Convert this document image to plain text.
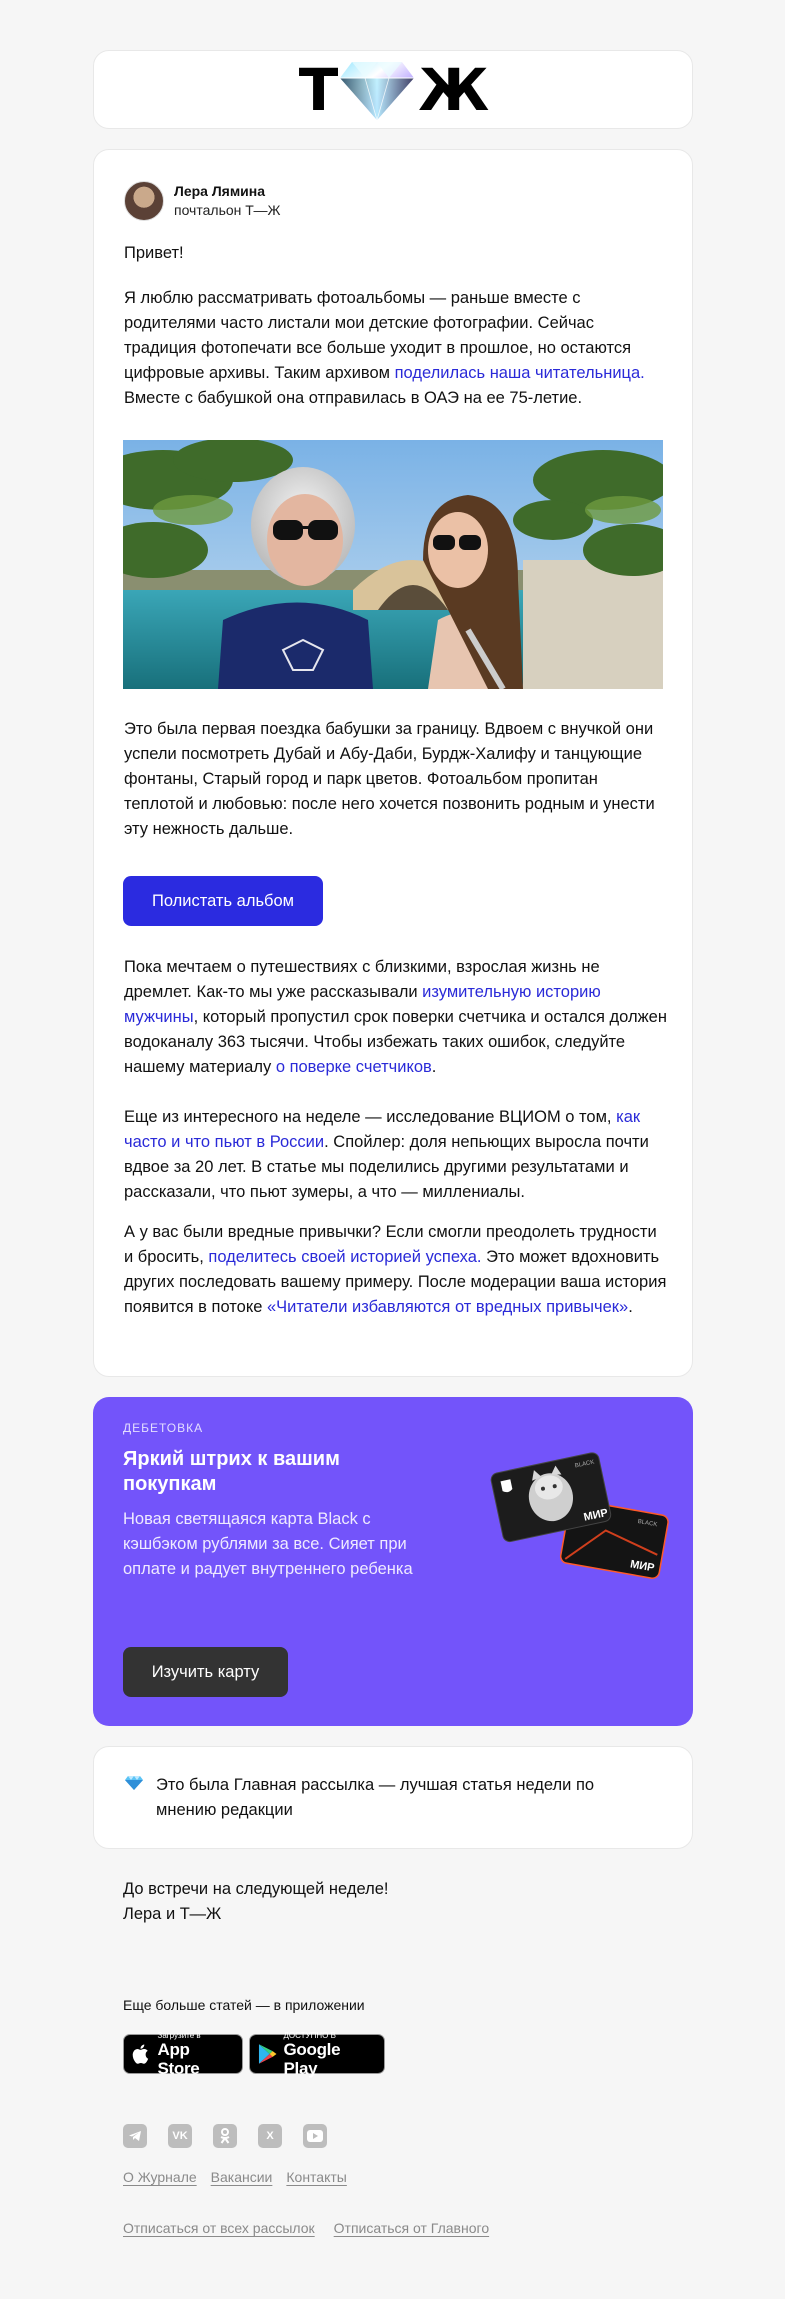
Т Ж
Лера Лямина
почтальон Т—Ж
Привет!
Я люблю рассматривать фотоальбомы — раньше вместе с родителями часто листали мои детские фотографии. Сейчас традиция фотопечати все больше уходит в прошлое, но остаются цифровые архивы. Таким архивом поделилась наша читательница. Вместе с бабушкой она отправилась в ОАЭ на ее 75-летие.
Это была первая поездка бабушки за границу. Вдвоем с внучкой они успели посмотреть Дубай и Абу-Даби, Бурдж-Халифу и танцующие фонтаны, Старый город и парк цветов. Фотоальбом пропитан теплотой и любовью: после него хочется позвонить родным и унести эту нежность дальше.
Полистать альбом
Пока мечтаем о путешествиях с близкими, взрослая жизнь не дремлет. Как-то мы уже рассказывали изумительную историю мужчины, который пропустил срок поверки счетчика и остался должен водоканалу 363 тысячи. Чтобы избежать таких ошибок, следуйте нашему материалу о поверке счетчиков.
Еще из интересного на неделе — исследование ВЦИОМ о том, как часто и что пьют в России. Спойлер: доля непьющих выросла почти вдвое за 20 лет. В статье мы поделились другими результатами и рассказали, что пьют зумеры, а что — миллениалы.
А у вас были вредные привычки? Если смогли преодолеть трудности и бросить, поделитесь своей историей успеха. Это может вдохновить других последовать вашему примеру. После модерации ваша история появится в потоке «Читатели избавляются от вредных привычек».
ДЕБЕТОВКА
Яркий штрих к вашим покупкам
Новая светящаяся карта Black с кэшбэком рублями за все. Сияет при оплате и радует внутреннего ребенка
Изучить карту
МИР
BLACK
МИР
BLACK
Это была Главная рассылка — лучшая статья недели по мнению редакции
До встречи на следующей неделе!
Лера и Т—Ж
Еще больше статей — в приложении
Загрузите в
App Store
ДОСТУПНО В
Google Play
VK	X
О Журнале Вакансии Контакты
Отписаться от всех рассылок Отписаться от Главного
